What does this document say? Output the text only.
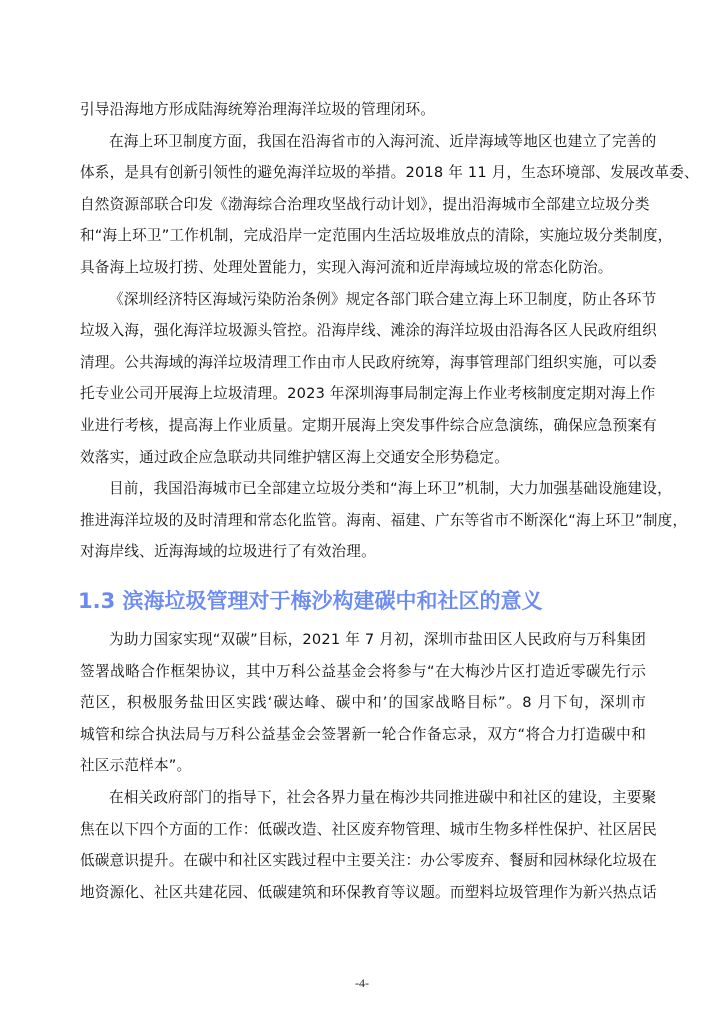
引导沿海地方形成陆海统筹治理海洋垃圾的管理闭环。
在海上环卫制度方面，我国在沿海省市的入海河流、近岸海域等地区也建立了完善的
体系，是具有创新引领性的避免海洋垃圾的举措。2018 年 11 月，生态环境部、发展改革委、
自然资源部联合印发《渤海综合治理攻坚战行动计划》，提出沿海城市全部建立垃圾分类
和“海上环卫”工作机制，完成沿岸一定范围内生活垃圾堆放点的清除，实施垃圾分类制度，
具备海上垃圾打捞、处理处置能力，实现入海河流和近岸海域垃圾的常态化防治。
《深圳经济特区海域污染防治条例》规定各部门联合建立海上环卫制度，防止各环节
垃圾入海，强化海洋垃圾源头管控。沿海岸线、滩涂的海洋垃圾由沿海各区人民政府组织
清理。公共海域的海洋垃圾清理工作由市人民政府统筹，海事管理部门组织实施，可以委
托专业公司开展海上垃圾清理。2023 年深圳海事局制定海上作业考核制度定期对海上作
业进行考核，提高海上作业质量。定期开展海上突发事件综合应急演练，确保应急预案有
效落实，通过政企应急联动共同维护辖区海上交通安全形势稳定。
目前，我国沿海城市已全部建立垃圾分类和“海上环卫”机制，大力加强基础设施建设，
推进海洋垃圾的及时清理和常态化监管。海南、福建、广东等省市不断深化“海上环卫”制度，
对海岸线、近海海域的垃圾进行了有效治理。
1.3 滨海垃圾管理对于梅沙构建碳中和社区的意义
为助力国家实现“双碳”目标，2021 年 7 月初，深圳市盐田区人民政府与万科集团
签署战略合作框架协议，其中万科公益基金会将参与“在大梅沙片区打造近零碳先行示
范区，积极服务盐田区实践‘碳达峰、碳中和’的国家战略目标”。8 月下旬，深圳市
城管和综合执法局与万科公益基金会签署新一轮合作备忘录，双方“将合力打造碳中和
社区示范样本”。
在相关政府部门的指导下，社会各界力量在梅沙共同推进碳中和社区的建设，主要聚
焦在以下四个方面的工作：低碳改造、社区废弃物管理、城市生物多样性保护、社区居民
低碳意识提升。在碳中和社区实践过程中主要关注：办公零废弃、餐厨和园林绿化垃圾在
地资源化、社区共建花园、低碳建筑和环保教育等议题。而塑料垃圾管理作为新兴热点话
-4-
